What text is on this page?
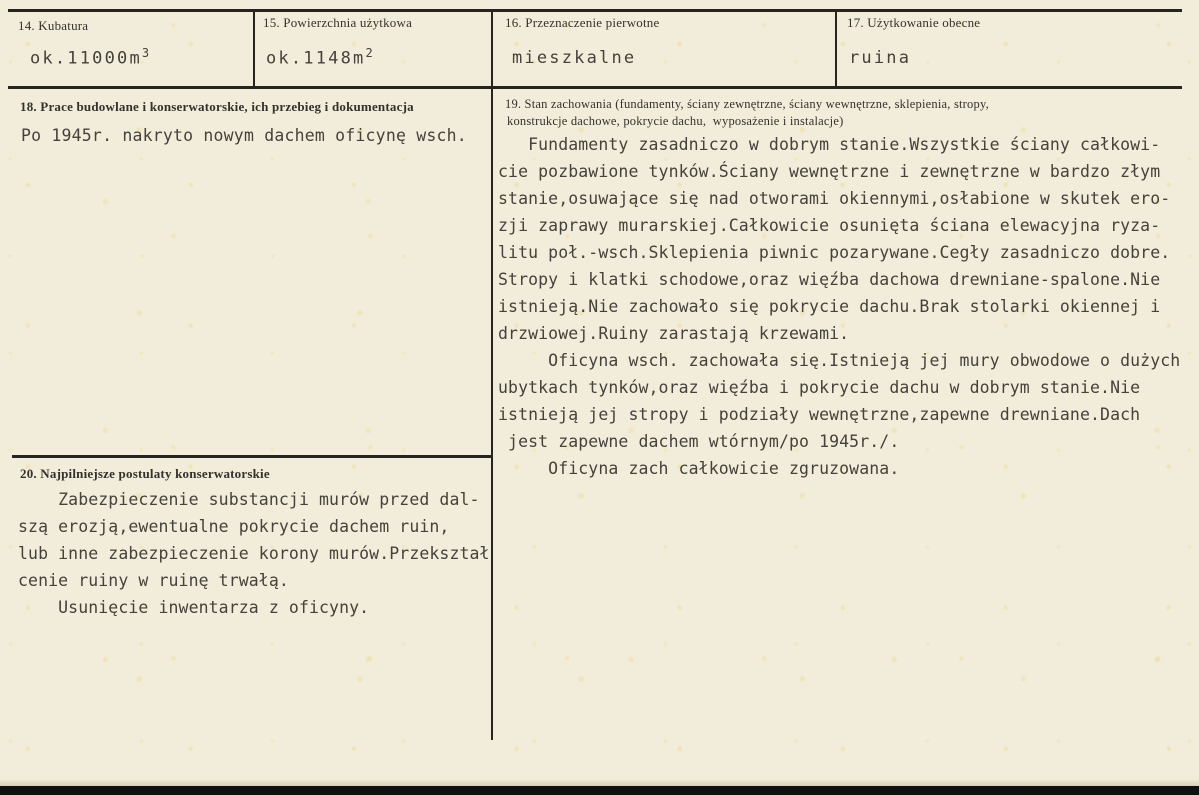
14. Kubatura
$ok.11000m^3$
15. Powierzchnia użytkowa
$ok.1148m^2$
16. Przeznaczenie pierwotne
mieszkalne
17. Użytkowanie obecne
ruina
18. Prace budowlane i konserwatorskie, ich przebieg i dokumentacja
Po 1945r. nakryto nowym dachem oficynę wsch.
19. Stan zachowania (fundamenty, ściany zewnętrzne, ściany wewnętrzne, sklepienia, stropy,
konstrukcje dachowe, pokrycie dachu,  wyposażenie i instalacje)
Fundamenty zasadniczo w dobrym stanie.Wszystkie ściany całkowi-
cie pozbawione tynków.Ściany wewnętrzne i zewnętrzne w bardzo złym
stanie,osuwające się nad otworami okiennymi,osłabione w skutek ero-
zji zaprawy murarskiej.Całkowicie osunięta ściana elewacyjna ryza-
litu poł.-wsch.Sklepienia piwnic pozarywane.Cegły zasadniczo dobre.
Stropy i klatki schodowe,oraz więźba dachowa drewniane-spalone.Nie
istnieją.Nie zachowało się pokrycie dachu.Brak stolarki okiennej i
drzwiowej.Ruiny zarastają krzewami.
Oficyna wsch. zachowała się.Istnieją jej mury obwodowe o dużych
ubytkach tynków,oraz więźba i pokrycie dachu w dobrym stanie.Nie
istnieją jej stropy i podziały wewnętrzne,zapewne drewniane.Dach
jest zapewne dachem wtórnym/po 1945r./.
Oficyna zach całkowicie zgruzowana.
20. Najpilniejsze postulaty konserwatorskie
Zabezpieczenie substancji murów przed dal-
szą erozją,ewentualne pokrycie dachem ruin,
lub inne zabezpieczenie korony murów.Przekształ
cenie ruiny w ruinę trwałą.
Usunięcie inwentarza z oficyny.
